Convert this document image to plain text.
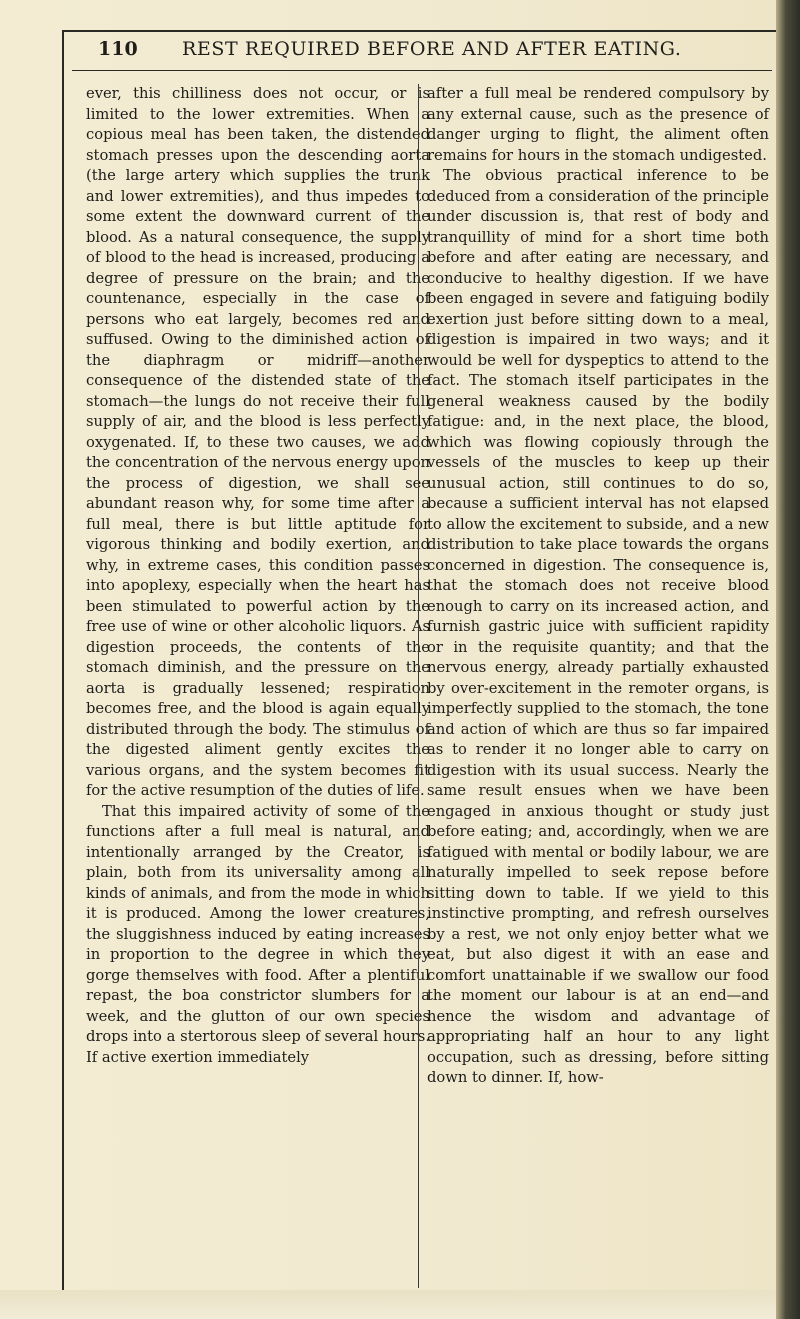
110 REST REQUIRED BEFORE AND AFTER EATING.

ever, this chilliness does not occur, or is limited to the lower extremities. When a copious meal has been taken, the distended stomach presses upon the descending aorta (the large artery which supplies the trunk and lower extremities), and thus impedes to some extent the downward current of the blood. As a natural consequence, the supply of blood to the head is increased, producing a degree of pressure on the brain; and the countenance, especially in the case of persons who eat largely, becomes red and suffused. Owing to the diminished action of the diaphragm or midriff—another consequence of the distended state of the stomach—the lungs do not receive their full supply of air, and the blood is less perfectly oxygenated. If, to these two causes, we add the concentration of the nervous energy upon the process of digestion, we shall see abundant reason why, for some time after a full meal, there is but little aptitude for vigorous thinking and bodily exertion, and why, in extreme cases, this condition passes into apoplexy, especially when the heart has been stimulated to powerful action by the free use of wine or other alcoholic liquors. As digestion proceeds, the contents of the stomach diminish, and the pressure on the aorta is gradually lessened; respiration becomes free, and the blood is again equally distributed through the body. The stimulus of the digested aliment gently excites the various organs, and the system becomes fit for the active resumption of the duties of life.

That this impaired activity of some of the functions after a full meal is natural, and intentionally arranged by the Creator, is plain, both from its universality among all kinds of animals, and from the mode in which it is produced. Among the lower creatures, the sluggishness induced by eating increases in proportion to the degree in which they gorge themselves with food. After a plentiful repast, the boa constrictor slumbers for a week, and the glutton of our own species drops into a stertorous sleep of several hours. If active exertion immediately

after a full meal be rendered compulsory by any external cause, such as the presence of danger urging to flight, the aliment often remains for hours in the stomach undigested.

The obvious practical inference to be deduced from a consideration of the principle under discussion is, that rest of body and tranquillity of mind for a short time both before and after eating are necessary, and conducive to healthy digestion. If we have been engaged in severe and fatiguing bodily exertion just before sitting down to a meal, digestion is impaired in two ways; and it would be well for dyspeptics to attend to the fact. The stomach itself participates in the general weakness caused by the bodily fatigue: and, in the next place, the blood, which was flowing copiously through the vessels of the muscles to keep up their unusual action, still continues to do so, because a sufficient interval has not elapsed to allow the excitement to subside, and a new distribution to take place towards the organs concerned in digestion. The consequence is, that the stomach does not receive blood enough to carry on its increased action, and furnish gastric juice with sufficient rapidity or in the requisite quantity; and that the nervous energy, already partially exhausted by over-excitement in the remoter organs, is imperfectly supplied to the stomach, the tone and action of which are thus so far impaired as to render it no longer able to carry on digestion with its usual success. Nearly the same result ensues when we have been engaged in anxious thought or study just before eating; and, accordingly, when we are fatigued with mental or bodily labour, we are naturally impelled to seek repose before sitting down to table. If we yield to this instinctive prompting, and refresh ourselves by a rest, we not only enjoy better what we eat, but also digest it with an ease and comfort unattainable if we swallow our food the moment our labour is at an end—and hence the wisdom and advantage of appropriating half an hour to any light occupation, such as dressing, before sitting down to dinner. If, how-
